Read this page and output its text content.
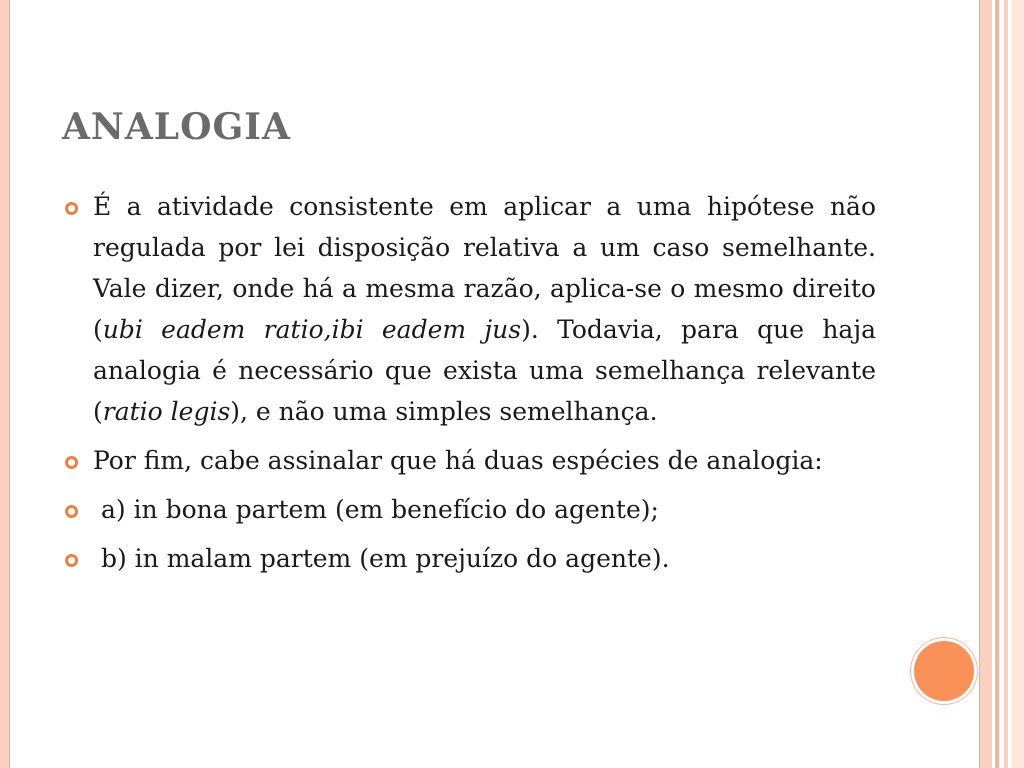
ANALOGIA
É a atividade consistente em aplicar a uma hipótese não regulada por lei disposição relativa a um caso semelhante. Vale dizer, onde há a mesma razão, aplica-se o mesmo direito (ubi eadem ratio,ibi eadem jus). Todavia, para que haja analogia é necessário que exista uma semelhança relevante (ratio legis), e não uma simples semelhança.
Por fim, cabe assinalar que há duas espécies de analogia:
a) in bona partem (em benefício do agente);
b) in malam partem (em prejuízo do agente).
